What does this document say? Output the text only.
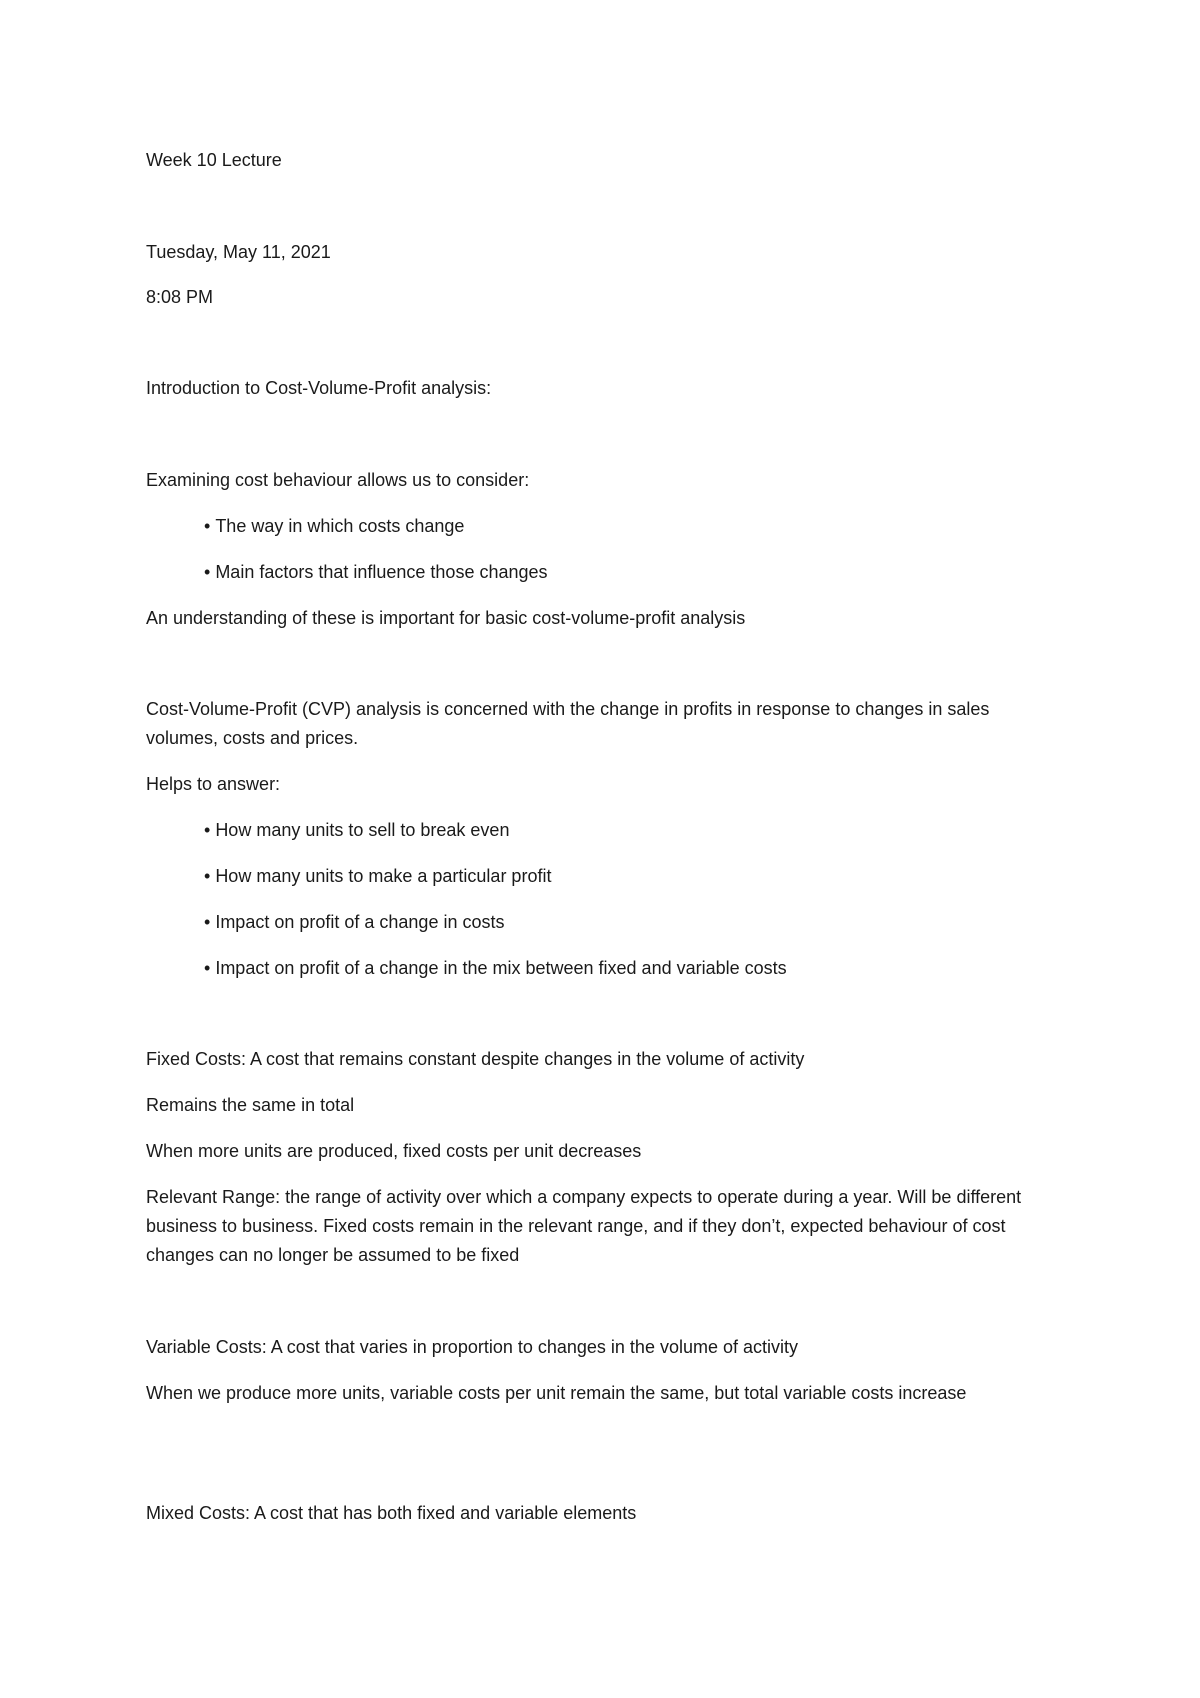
Week 10 Lecture

Tuesday, May 11, 2021

8:08 PM

Introduction to Cost-Volume-Profit analysis:

Examining cost behaviour allows us to consider:

• The way in which costs change

• Main factors that influence those changes

An understanding of these is important for basic cost-volume-profit analysis

Cost-Volume-Profit (CVP) analysis is concerned with the change in profits in response to changes in sales volumes, costs and prices.

Helps to answer:

• How many units to sell to break even

• How many units to make a particular profit

• Impact on profit of a change in costs

• Impact on profit of a change in the mix between fixed and variable costs

Fixed Costs: A cost that remains constant despite changes in the volume of activity

Remains the same in total

When more units are produced, fixed costs per unit decreases

Relevant Range: the range of activity over which a company expects to operate during a year. Will be different business to business. Fixed costs remain in the relevant range, and if they don’t, expected behaviour of cost changes can no longer be assumed to be fixed

Variable Costs: A cost that varies in proportion to changes in the volume of activity

When we produce more units, variable costs per unit remain the same, but total variable costs increase

Mixed Costs: A cost that has both fixed and variable elements
